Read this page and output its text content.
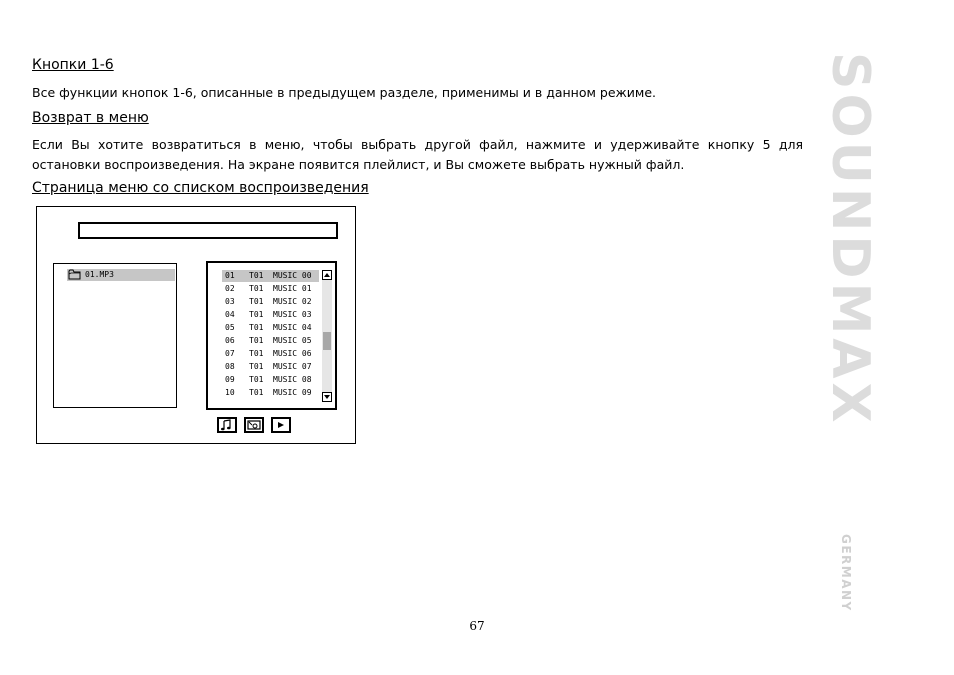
Кнопки 1-6
Все функции кнопок 1-6, описанные в предыдущем разделе, применимы и в данном режиме.
Возврат в меню
Если Вы хотите возвратиться в меню, чтобы выбрать другой файл, нажмите и удерживайте кнопку 5 для остановки воспроизведения. На экране появится плейлист, и Вы сможете выбрать нужный файл.
Страница меню со списком воспроизведения
01.MP3	01 T01 MUSIC 00
02 T01 MUSIC 01
03 T01 MUSIC 02
04 T01 MUSIC 03
05 T01 MUSIC 04
06 T01 MUSIC 05
07 T01 MUSIC 06
08 T01 MUSIC 07
09 T01 MUSIC 08
10 T01 MUSIC 09	SOUNDMAX
GERMANY
67
